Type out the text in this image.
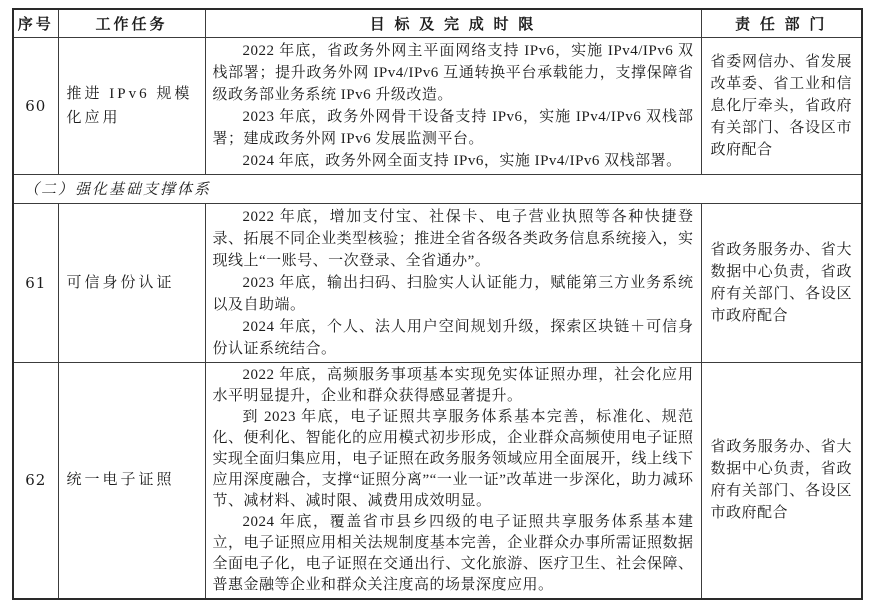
序号	工作任务	目 标 及 完 成 时 限	责 任 部 门
60	推进 IPv6 规模化应用	2022 年底，省政务外网主平面网络支持 IPv6，实施 IPv4/IPv6 双栈部署；提升政务外网 IPv4/IPv6 互通转换平台承载能力，支撑保障省级政务部业务系统 IPv6 升级改造。

2023 年底，政务外网骨干设备支持 IPv6，实施 IPv4/IPv6 双栈部署；建成政务外网 IPv6 发展监测平台。

2024 年底，政务外网全面支持 IPv6，实施 IPv4/IPv6 双栈部署。	省委网信办、省发展改革委、省工业和信息化厅牵头，省政府有关部门、各设区市政府配合
（二）强化基础支撑体系			
61	可信身份认证	2022 年底，增加支付宝、社保卡、电子营业执照等各种快捷登录、拓展不同企业类型核验；推进全省各级各类政务信息系统接入，实现线上“一账号、一次登录、全省通办”。

2023 年底，输出扫码、扫脸实人认证能力，赋能第三方业务系统以及自助端。

2024 年底，个人、法人用户空间规划升级，探索区块链＋可信身份认证系统结合。	省政务服务办、省大数据中心负责，省政府有关部门、各设区市政府配合
62	统一电子证照	2022 年底，高频服务事项基本实现免实体证照办理，社会化应用水平明显提升，企业和群众获得感显著提升。

到 2023 年底，电子证照共享服务体系基本完善，标准化、规范化、便利化、智能化的应用模式初步形成，企业群众高频使用电子证照实现全面归集应用，电子证照在政务服务领域应用全面展开，线上线下应用深度融合，支撑“证照分离”“一业一证”改革进一步深化，助力减环节、减材料、减时限、减费用成效明显。

2024 年底，覆盖省市县乡四级的电子证照共享服务体系基本建立，电子证照应用相关法规制度基本完善，企业群众办事所需证照数据全面电子化，电子证照在交通出行、文化旅游、医疗卫生、社会保障、普惠金融等企业和群众关注度高的场景深度应用。	省政务服务办、省大数据中心负责，省政府有关部门、各设区市政府配合
